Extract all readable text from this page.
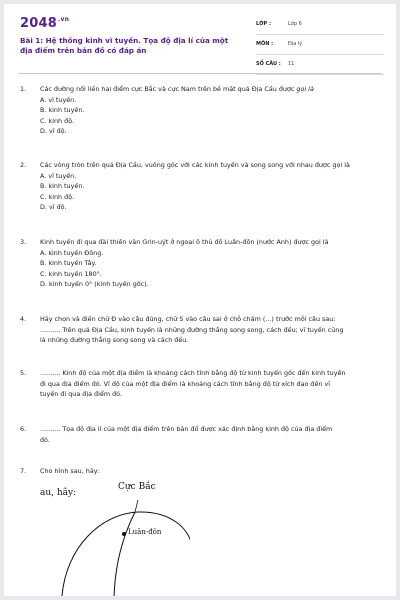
$2048^{.vn}$
Bài 1: Hệ thống kinh vĩ tuyến. Tọa độ địa lí của một địa điểm trên bản đồ có đáp án
LỚP :	Lớp 6
MÔN :	Địa lý
SỐ CÂU : 11
1.	Các đường nối liền hai điểm cực Bắc và cực Nam trên bề mặt quả Địa Cầu được gọi là
A. vĩ tuyến.
B. kinh tuyến.
C. kinh độ.
D. vĩ độ.
2.	Các vòng tròn trên quả Địa Cầu, vuông góc với các kinh tuyến và song song với nhau được gọi là
A. vĩ tuyến.
B. kinh tuyến.
C. kinh độ.
D. vĩ độ.
3.	Kinh tuyến đi qua đài thiên văn Grin-uýt ở ngoại ô thủ đô Luân-đôn (nước Anh) được gọi là
A. kinh tuyến Đông.
B. kinh tuyến Tây.
C. kinh tuyến 180°.
D. kinh tuyến 0° (kinh tuyến gốc).
4.	Hãy chọn và điền chữ Đ vào câu đúng, chữ S vào câu sai ở chỗ chấm (...) trước mỗi câu sau:
.......... Trên quả Địa Cầu, kinh tuyến là những đường thẳng song song, cách đều; vĩ tuyến cũng
là những đường thẳng song song và cách đều.
5.	.......... Kinh độ của một địa điểm là khoảng cách tính bằng độ từ kinh tuyến gốc đến kinh tuyến
đi qua địa điểm đó. Vĩ độ của một địa điểm là khoảng cách tính bằng độ từ xích đạo đến vĩ
tuyến đi qua địa điểm đó.
6.	.......... Tọa độ địa lí của một địa điểm trên bản đồ được xác định bằng kinh độ của địa điểm
đó.
7.	Cho hình sau, hãy:
au, hãy:
Cực Bắc
Luân-đôn
